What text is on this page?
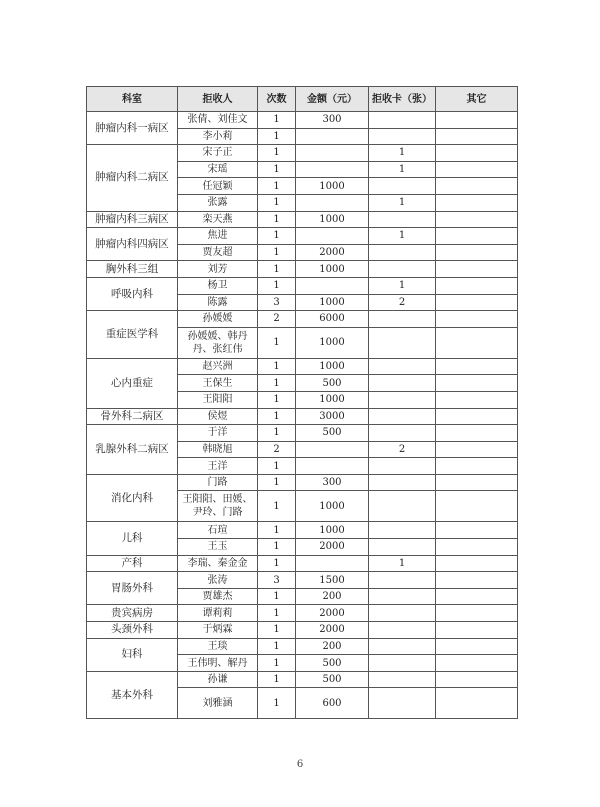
科室	拒收人	次数	金额（元）	拒收卡（张）	其它
肿瘤内科一病区	张倩、刘佳文	1	300		
	李小莉	1			
肿瘤内科二病区	宋子正	1		1	
	宋瑶	1		1	
	任冠颖	1	1000		
	张露	1		1	
肿瘤内科三病区	栾天燕	1	1000		
肿瘤内科四病区	焦进	1		1	
	贾友超	1	2000		
胸外科三组	刘芳	1	1000		
呼吸内科	杨卫	1		1	
	陈露	3	1000	2	
重症医学科	孙媛媛	2	6000		
	孙媛媛、韩丹丹、张红伟	1	1000		
心内重症	赵兴洲	1	1000		
	王保生	1	500		
	王阳阳	1	1000		
骨外科二病区	侯煜	1	3000		
乳腺外科二病区	于洋	1	500		
	韩晓旭	2		2	
	王洋	1			
消化内科	门路	1	300		
	王阳阳、田媛、尹玲、门路	1	1000		
儿科	石瑄	1	1000		
	王玉	1	2000		
产科	李瑞、秦金金	1		1	
胃肠外科	张涛	3	1500		
	贾雄杰	1	200		
贵宾病房	谭莉莉	1	2000		
头颈外科	于炳霖	1	2000		
妇科	王琰	1	200		
	王伟明、解丹	1	500		
基本外科	孙谦	1	500		
	刘雅涵	1	600		
6
